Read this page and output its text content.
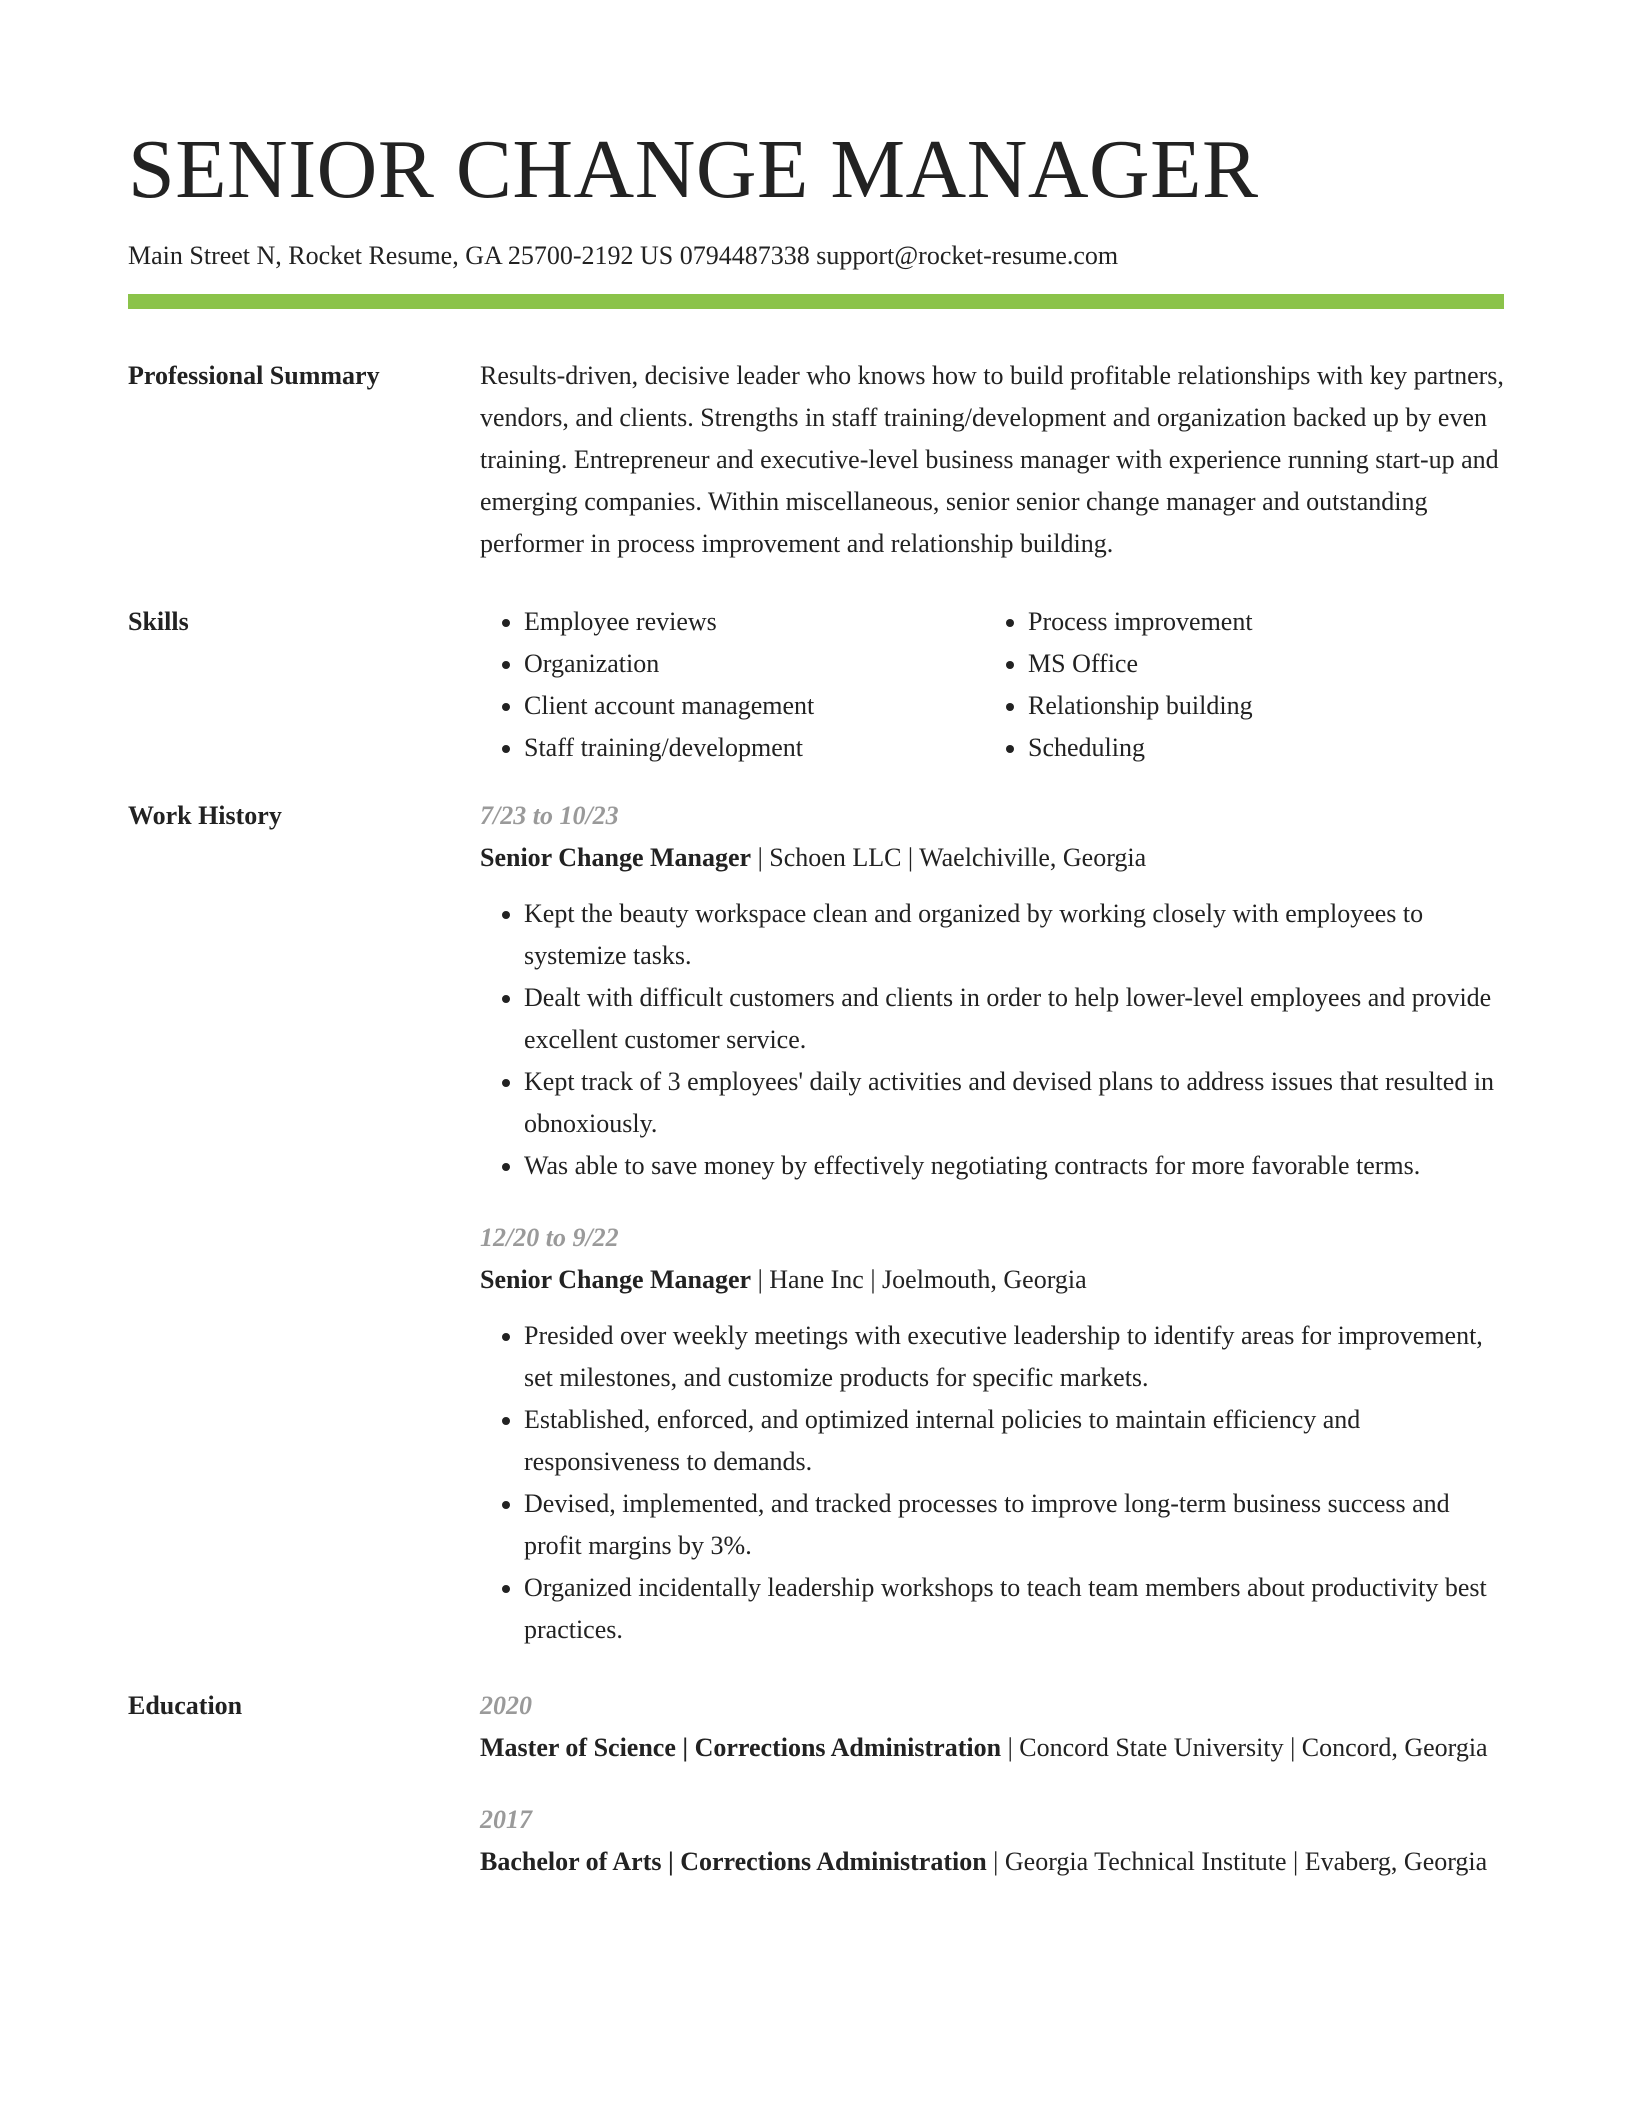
SENIOR CHANGE MANAGER
Main Street N, Rocket Resume, GA 25700-2192 US 0794487338 support@rocket-resume.com
Professional Summary	Results-driven, decisive leader who knows how to build profitable relationships with key partners, vendors, and clients. Strengths in staff training/development and organization backed up by even training. Entrepreneur and executive-level business manager with experience running start-up and emerging companies. Within miscellaneous, senior senior change manager and outstanding performer in process improvement and relationship building.

Skills
•	Employee reviews
• Organization
• Client account management
• Staff training/development
• Process improvement
• MS Office
• Relationship building
• Scheduling
Work History	7/23 to 10/23
Senior Change Manager | Schoen LLC | Waelchiville, Georgia
• Kept the beauty workspace clean and organized by working closely with employees to systemize tasks.
• Dealt with difficult customers and clients in order to help lower-level employees and provide excellent customer service.
• Kept track of 3 employees' daily activities and devised plans to address issues that resulted in obnoxiously.
• Was able to save money by effectively negotiating contracts for more favorable terms.
12/20 to 9/22
Senior Change Manager | Hane Inc | Joelmouth, Georgia
• Presided over weekly meetings with executive leadership to identify areas for improvement, set milestones, and customize products for specific markets.
• Established, enforced, and optimized internal policies to maintain efficiency and responsiveness to demands.
• Devised, implemented, and tracked processes to improve long-term business success and profit margins by 3%.
• Organized incidentally leadership workshops to teach team members about productivity best practices.
Education	2020
Master of Science | Corrections Administration | Concord State University | Concord, Georgia
2017
Bachelor of Arts | Corrections Administration | Georgia Technical Institute | Evaberg, Georgia
